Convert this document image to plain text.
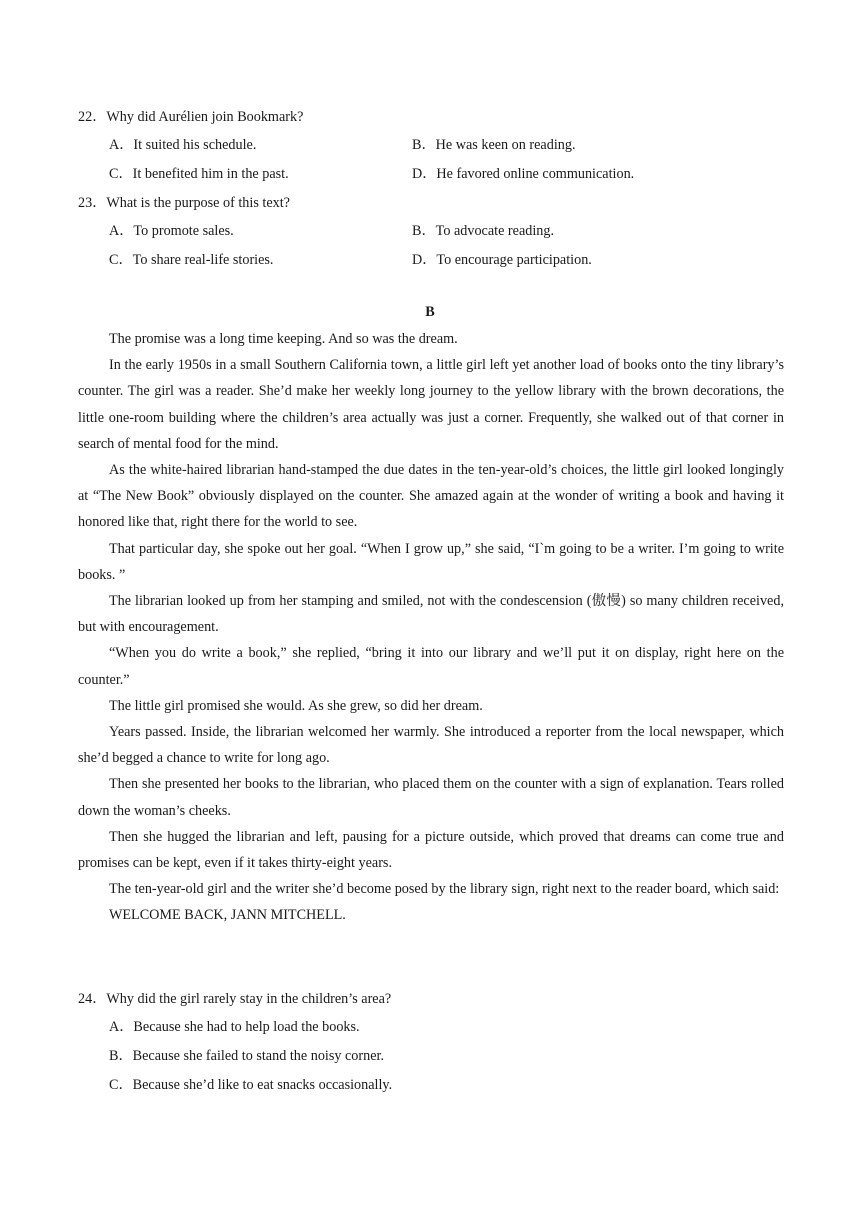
22．Why did Aurélien join Bookmark?
A．It suited his schedule.	B．He was keen on reading.
C．It benefited him in the past.	D．He favored online communication.
23．What is the purpose of this text?
A．To promote sales.	B．To advocate reading.
C．To share real-life stories.	D．To encourage participation.
B

The promise was a long time keeping. And so was the dream.

In the early 1950s in a small Southern California town, a little girl left yet another load of books onto the tiny library’s counter. The girl was a reader. She’d make her weekly long journey to the yellow library with the brown decorations, the little one-room building where the children’s area actually was just a corner. Frequently, she walked out of that corner in search of mental food for the mind.

As the white-haired librarian hand-stamped the due dates in the ten-year-old’s choices, the little girl looked longingly at “The New Book” obviously displayed on the counter. She amazed again at the wonder of writing a book and having it honored like that, right there for the world to see.

That particular day, she spoke out her goal. “When I grow up,” she said, “I`m going to be a writer. I’m going to write books. ”

The librarian looked up from her stamping and smiled, not with the condescension (傲慢) so many children received, but with encouragement.

“When you do write a book,” she replied, “bring it into our library and we’ll put it on display, right here on the counter.”

The little girl promised she would. As she grew, so did her dream.

Years passed. Inside, the librarian welcomed her warmly. She introduced a reporter from the local newspaper, which she’d begged a chance to write for long ago.

Then she presented her books to the librarian, who placed them on the counter with a sign of explanation. Tears rolled down the woman’s cheeks.

Then she hugged the librarian and left, pausing for a picture outside, which proved that dreams can come true and promises can be kept, even if it takes thirty-eight years.

The ten-year-old girl and the writer she’d become posed by the library sign, right next to the reader board, which said:

WELCOME BACK, JANN MITCHELL.

24．Why did the girl rarely stay in the children’s area?
A．Because she had to help load the books.
B．Because she failed to stand the noisy corner.
C．Because she’d like to eat snacks occasionally.
